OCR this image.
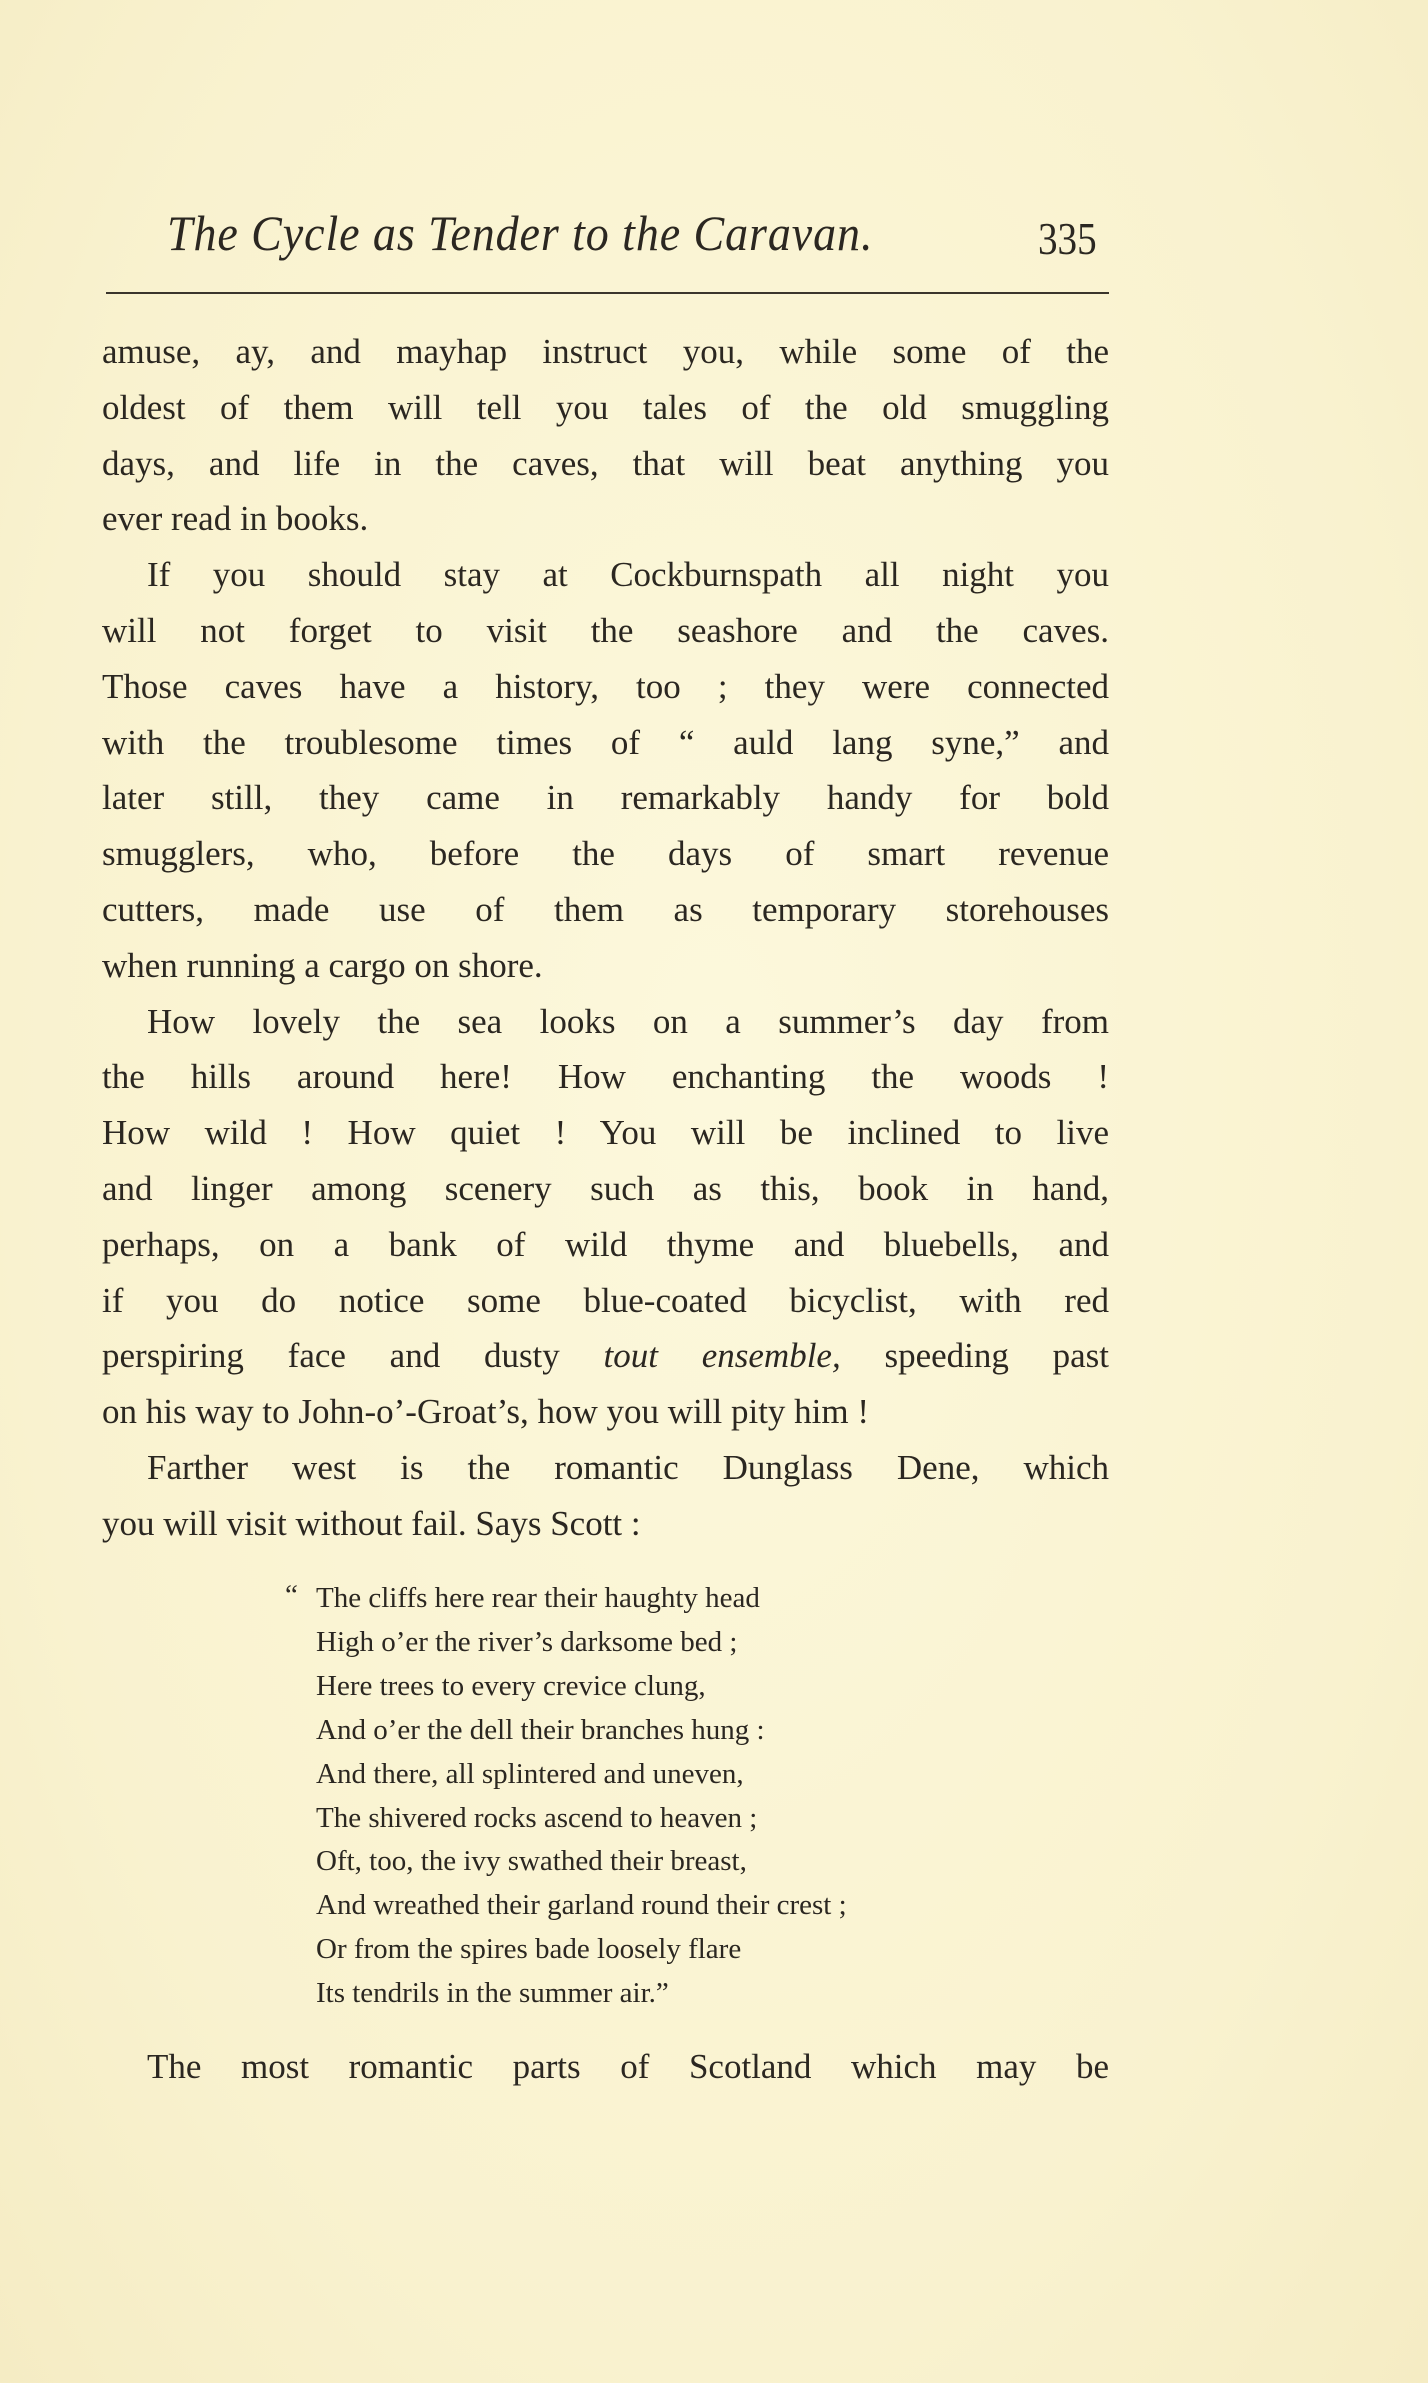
The Cycle as Tender to the Caravan.	335
amuse, ay, and mayhap instruct you, while some of the
oldest of them will tell you tales of the old smuggling
days, and life in the caves, that will beat anything you
ever read in books.
If you should stay at Cockburnspath all night you
will not forget to visit the seashore and the caves.
Those caves have a history, too ; they were connected
with the troublesome times of “ auld lang syne,” and
later still, they came in remarkably handy for bold
smugglers, who, before the days of smart revenue
cutters, made use of them as temporary storehouses
when running a cargo on shore.
How lovely the sea looks on a summer’s day from
the hills around here! How enchanting the woods !
How wild ! How quiet ! You will be inclined to live
and linger among scenery such as this, book in hand,
perhaps, on a bank of wild thyme and bluebells, and
if you do notice some blue-coated bicyclist, with red
perspiring face and dusty tout ensemble, speeding past
on his way to John-o’-Groat’s, how you will pity him !
Farther west is the romantic Dunglass Dene, which
you will visit without fail. Says Scott :
“ The cliffs here rear their haughty head
High o’er the river’s darksome bed ;
Here trees to every crevice clung,
And o’er the dell their branches hung :
And there, all splintered and uneven,
The shivered rocks ascend to heaven ;
Oft, too, the ivy swathed their breast,
And wreathed their garland round their crest ;
Or from the spires bade loosely flare
Its tendrils in the summer air.”
The most romantic parts of Scotland which may be
